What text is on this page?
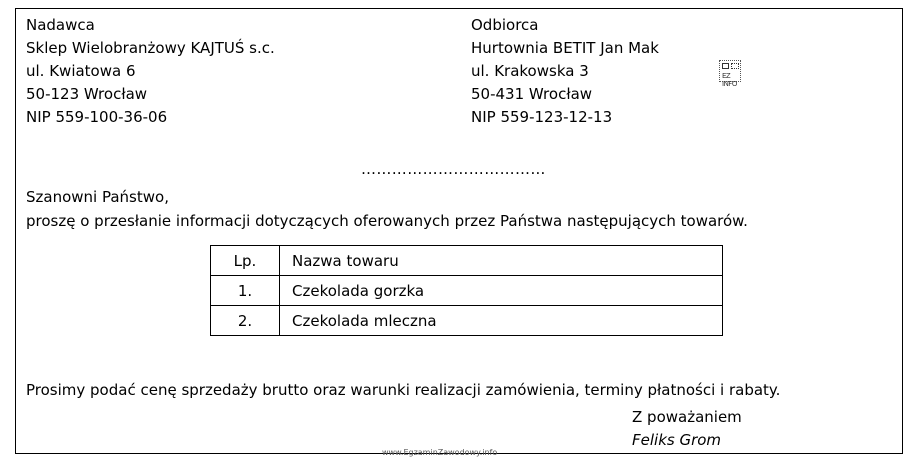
Nadawca
Sklep Wielobranżowy KAJTUŚ s.c.
ul. Kwiatowa 6
50-123 Wrocław
NIP 559-100-36-06
Odbiorca
Hurtownia BETIT Jan Mak
ul. Krakowska 3
50-431 Wrocław
NIP 559-123-12-13
EZ INFO
………………………………
Szanowni Państwo,
proszę o przesłanie informacji dotyczących oferowanych przez Państwa następujących towarów.
Lp.	Nazwa towaru
1.	Czekolada gorzka
2.	Czekolada mleczna
Prosimy podać cenę sprzedaży brutto oraz warunki realizacji zamówienia, terminy płatności i rabaty.
Z poważaniem
Feliks Grom
www.EgzaminZawodowy.info
